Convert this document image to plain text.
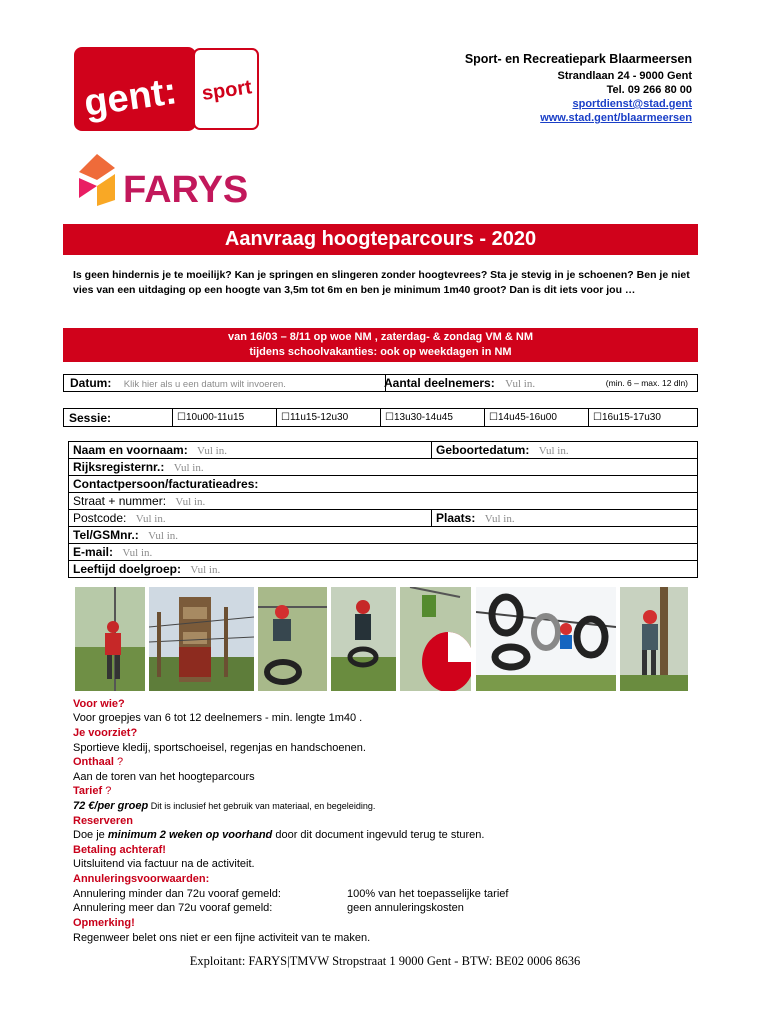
gent: sport
FARYS
Sport- en Recreatiepark Blaarmeersen
Strandlaan 24 - 9000 Gent
Tel. 09 266 80 00
sportdienst@stad.gent
www.stad.gent/blaarmeersen
Aanvraag hoogteparcours - 2020
Is geen hindernis je te moeilijk? Kan je springen en slingeren zonder hoogtevrees? Sta je stevig in je schoenen? Ben je niet vies van een uitdaging op een hoogte van 3,5m tot 6m en ben je minimum 1m40 groot? Dan is dit iets voor jou …
van 16/03 – 8/11 op woe NM , zaterdag- & zondag VM & NM
tijdens schoolvakanties: ook op weekdagen in NM
Datum: Klik hier als u een datum wilt invoeren.	Aantal deelnemers: Vul in.	(min. 6 – max. 12 dln)
Sessie:	☐10u00-11u15	☐11u15-12u30	☐13u30-14u45	☐14u45-16u00	☐16u15-17u30
Naam en voornaam: Vul in.	Geboortedatum: Vul in.
Rijksregisternr.: Vul in.
Contactpersoon/facturatieadres:
Straat + nummer: Vul in.
Postcode: Vul in.	Plaats: Vul in.
Tel/GSMnr.: Vul in.
E-mail: Vul in.
Leeftijd doelgroep: Vul in.
Voor wie?
Voor groepjes van 6 tot 12 deelnemers - min. lengte 1m40 .
Je voorziet?
Sportieve kledij, sportschoeisel, regenjas en handschoenen.
Onthaal ?
Aan de toren van het hoogteparcours
Tarief ?
72 €/per groep Dit is inclusief het gebruik van materiaal, en begeleiding.
Reserveren
Doe je minimum 2 weken op voorhand door dit document ingevuld terug te sturen.
Betaling achteraf!
Uitsluitend via factuur na de activiteit.
Annuleringsvoorwaarden:
Annulering minder dan 72u vooraf gemeld:	100% van het toepasselijke tarief
Annulering meer dan 72u vooraf gemeld:	geen annuleringskosten
Opmerking!
Regenweer belet ons niet er een fijne activiteit van te maken.
Exploitant: FARYS|TMVW Stropstraat 1 9000 Gent - BTW: BE02 0006 8636
